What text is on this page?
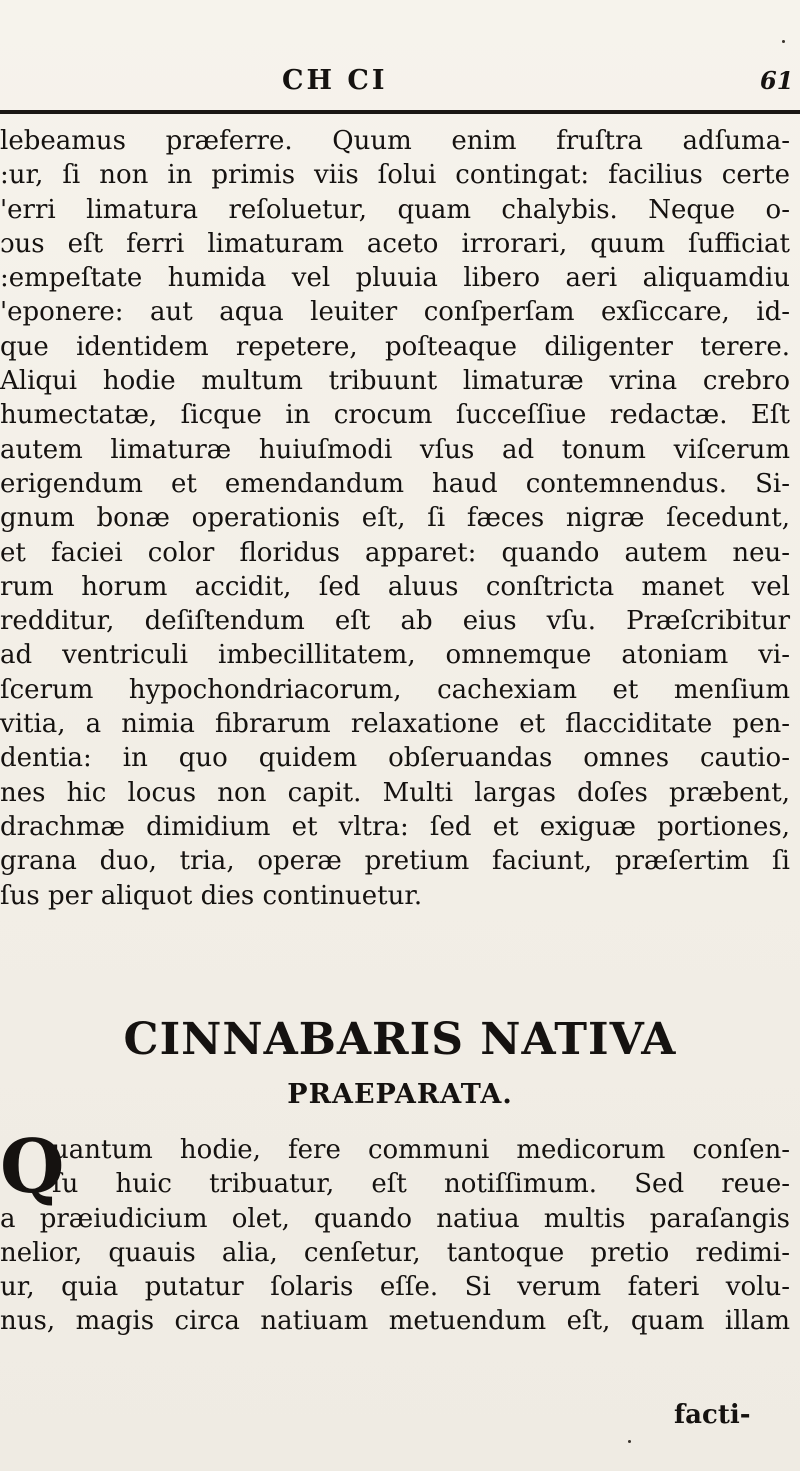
CH CI	61
lebeamus præferre. Quum enim fruſtra adſuma-
:ur, ſi non in primis viis ſolui contingat: facilius certe
'erri limatura reſoluetur, quam chalybis. Neque o-
ɔus eſt ferri limaturam aceto irrorari, quum ſufficiat
:empeſtate humida vel pluuia libero aeri aliquamdiu
'eponere: aut aqua leuiter conſperſam exſiccare, id-
que identidem repetere, poſteaque diligenter terere.
Aliqui hodie multum tribuunt limaturæ vrina crebro
humectatæ, ſicque in crocum ſucceſſiue redactæ. Eſt
autem limaturæ huiuſmodi vſus ad tonum viſcerum
erigendum et emendandum haud contemnendus. Si-
gnum bonæ operationis eſt, ſi fæces nigræ ſecedunt,
et faciei color floridus apparet: quando autem neu-
rum horum accidit, ſed aluus conſtricta manet vel
redditur, deſiſtendum eſt ab eius vſu. Præſcribitur
ad ventriculi imbecillitatem, omnemque atoniam vi-
ſcerum hypochondriacorum, cachexiam et menſium
vitia, a nimia fibrarum relaxatione et flacciditate pen-
dentia: in quo quidem obſeruandas omnes cautio-
nes hic locus non capit. Multi largas doſes præbent,
drachmæ dimidium et vltra: ſed et exiguæ portiones,
grana duo, tria, operæ pretium faciunt, præſertim ſi
ſus per aliquot dies continuetur.
CINNABARIS NATIVA
PRAEPARATA.
Q
uantum hodie, fere communi medicorum conſen-
ſu huic tribuatur, eſt notiſſimum. Sed reue-
a præiudicium olet, quando natiua multis paraſangis
nelior, quauis alia, cenſetur, tantoque pretio redimi-
ur, quia putatur ſolaris eſſe. Si verum fateri volu-
nus, magis circa natiuam metuendum eſt, quam illam
facti-
